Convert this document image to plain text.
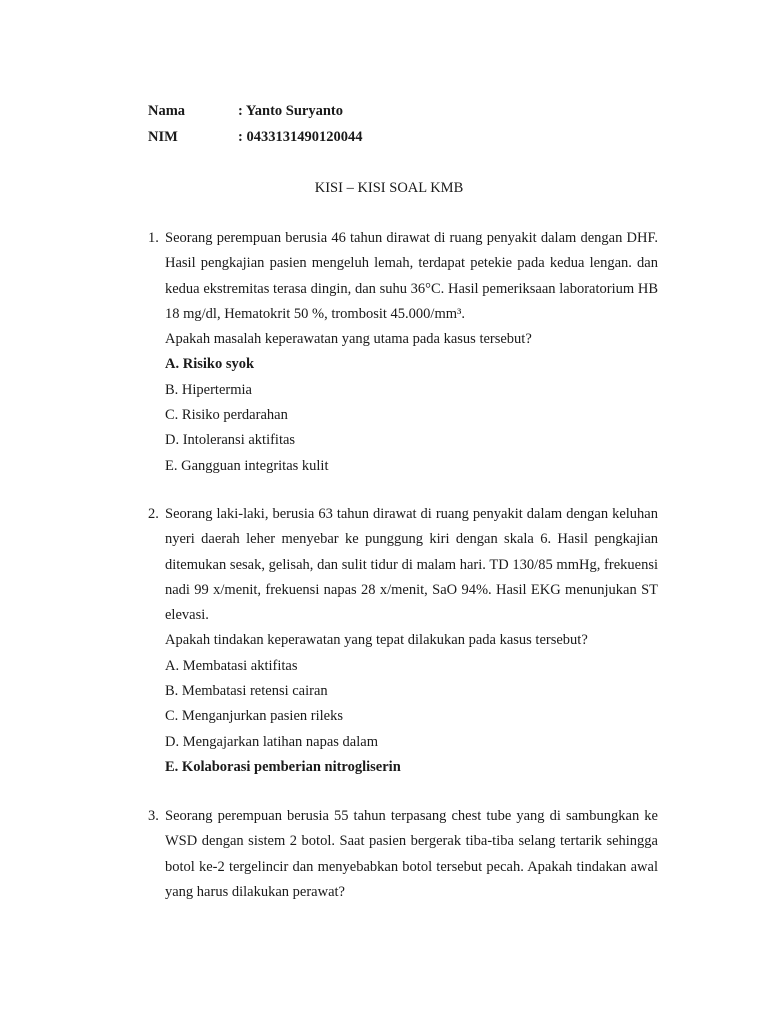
Nama	: Yanto Suryanto
NIM	: 0433131490120044
KISI – KISI SOAL KMB
1. Seorang perempuan berusia 46 tahun dirawat di ruang penyakit dalam dengan DHF. Hasil pengkajian pasien mengeluh lemah, terdapat petekie pada kedua lengan. dan kedua ekstremitas terasa dingin, dan suhu 36°C. Hasil pemeriksaan laboratorium HB 18 mg/dl, Hematokrit 50 %, trombosit 45.000/mm³.
Apakah masalah keperawatan yang utama pada kasus tersebut?
A. Risiko syok
B. Hipertermia
C. Risiko perdarahan
D. Intoleransi aktifitas
E. Gangguan integritas kulit
2. Seorang laki-laki, berusia 63 tahun dirawat di ruang penyakit dalam dengan keluhan nyeri daerah leher menyebar ke punggung kiri dengan skala 6. Hasil pengkajian ditemukan sesak, gelisah, dan sulit tidur di malam hari. TD 130/85 mmHg, frekuensi nadi 99 x/menit, frekuensi napas 28 x/menit, SaO 94%. Hasil EKG menunjukan ST elevasi.
Apakah tindakan keperawatan yang tepat dilakukan pada kasus tersebut?
A. Membatasi aktifitas
B. Membatasi retensi cairan
C. Menganjurkan pasien rileks
D. Mengajarkan latihan napas dalam
E. Kolaborasi pemberian nitrogliserin
3. Seorang perempuan berusia 55 tahun terpasang chest tube yang di sambungkan ke WSD dengan sistem 2 botol. Saat pasien bergerak tiba-tiba selang tertarik sehingga botol ke-2 tergelincir dan menyebabkan botol tersebut pecah. Apakah tindakan awal yang harus dilakukan perawat?
